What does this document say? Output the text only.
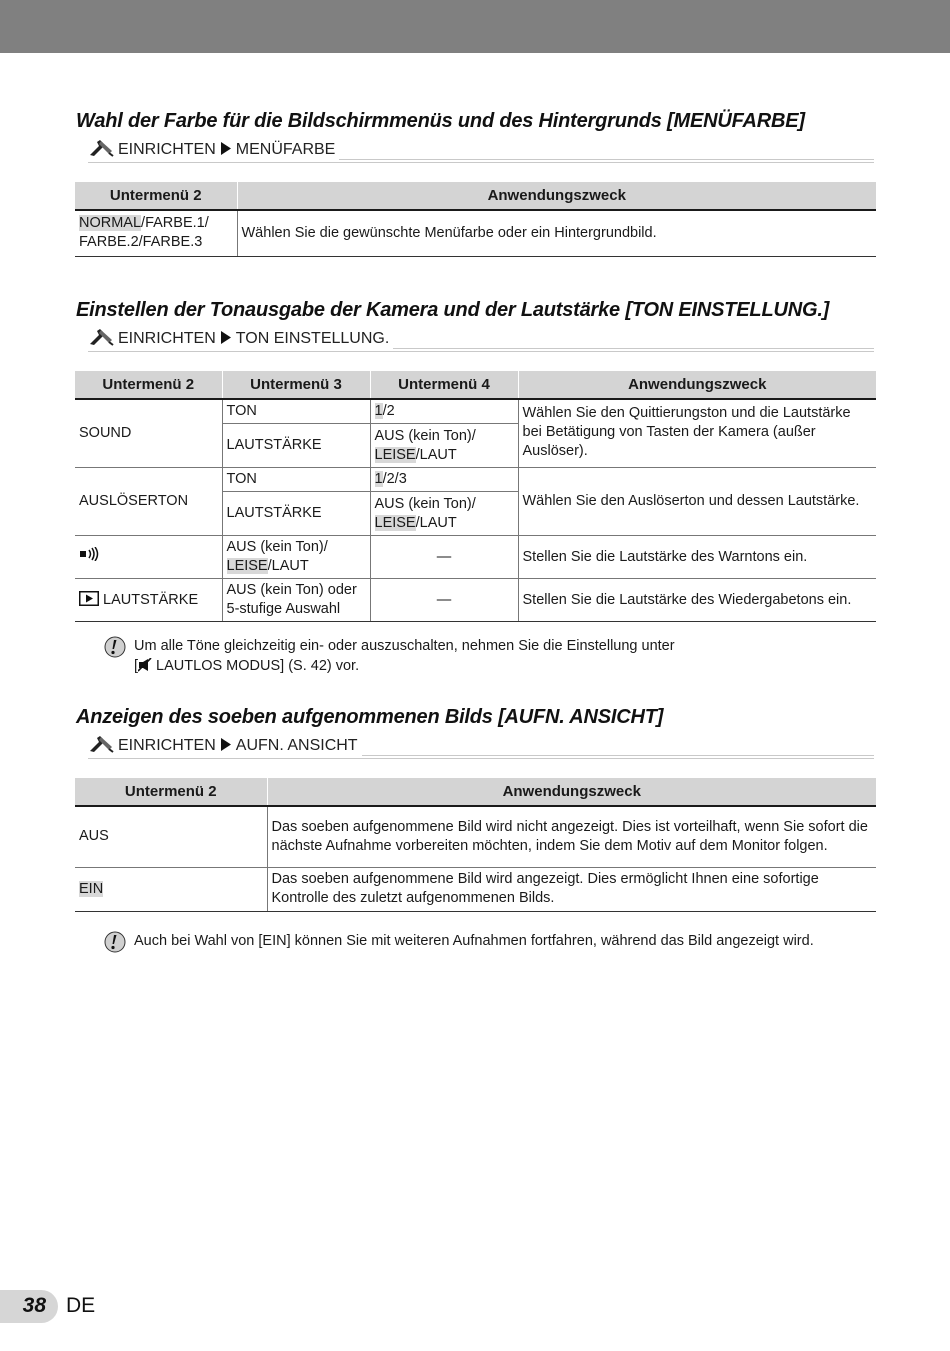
Wahl der Farbe für die Bildschirmmenüs und des Hintergrunds [MENÜFARBE]
EINRICHTEN MENÜFARBE
Untermenü 2	Anwendungszweck
NORMAL/FARBE.1/
FARBE.2/FARBE.3	Wählen Sie die gewünschte Menüfarbe oder ein Hintergrundbild.
Einstellen der Tonausgabe der Kamera und der Lautstärke [TON EINSTELLUNG.]
EINRICHTEN TON EINSTELLUNG.
Untermenü 2	Untermenü 3	Untermenü 4	Anwendungszweck
SOUND	TON	1/2	Wählen Sie den Quittierungston und die Lautstärke bei Betätigung von Tasten der Kamera (außer Auslöser).
	LAUTSTÄRKE	AUS (kein Ton)/
LEISE/LAUT	
AUSLÖSERTON	TON	1/2/3	Wählen Sie den Auslöserton und dessen Lautstärke.
	LAUTSTÄRKE	AUS (kein Ton)/
LEISE/LAUT	
	AUS (kein Ton)/
LEISE/LAUT	—	Stellen Sie die Lautstärke des Warntons ein.
LAUTSTÄRKE	AUS (kein Ton) oder
5-stufige Auswahl	—	Stellen Sie die Lautstärke des Wiedergabetons ein.
Um alle Töne gleichzeitig ein- oder auszuschalten, nehmen Sie die Einstellung unter
[ LAUTLOS MODUS] (S. 42) vor.
Anzeigen des soeben aufgenommenen Bilds [AUFN. ANSICHT]
EINRICHTEN AUFN. ANSICHT
Untermenü 2	Anwendungszweck
AUS	Das soeben aufgenommene Bild wird nicht angezeigt. Dies ist vorteilhaft, wenn Sie sofort die nächste Aufnahme vorbereiten möchten, indem Sie dem Motiv auf dem Monitor folgen.
EIN	Das soeben aufgenommene Bild wird angezeigt. Dies ermöglicht Ihnen eine sofortige Kontrolle des zuletzt aufgenommenen Bilds.
Auch bei Wahl von [EIN] können Sie mit weiteren Aufnahmen fortfahren, während das Bild angezeigt wird.
38 DE
